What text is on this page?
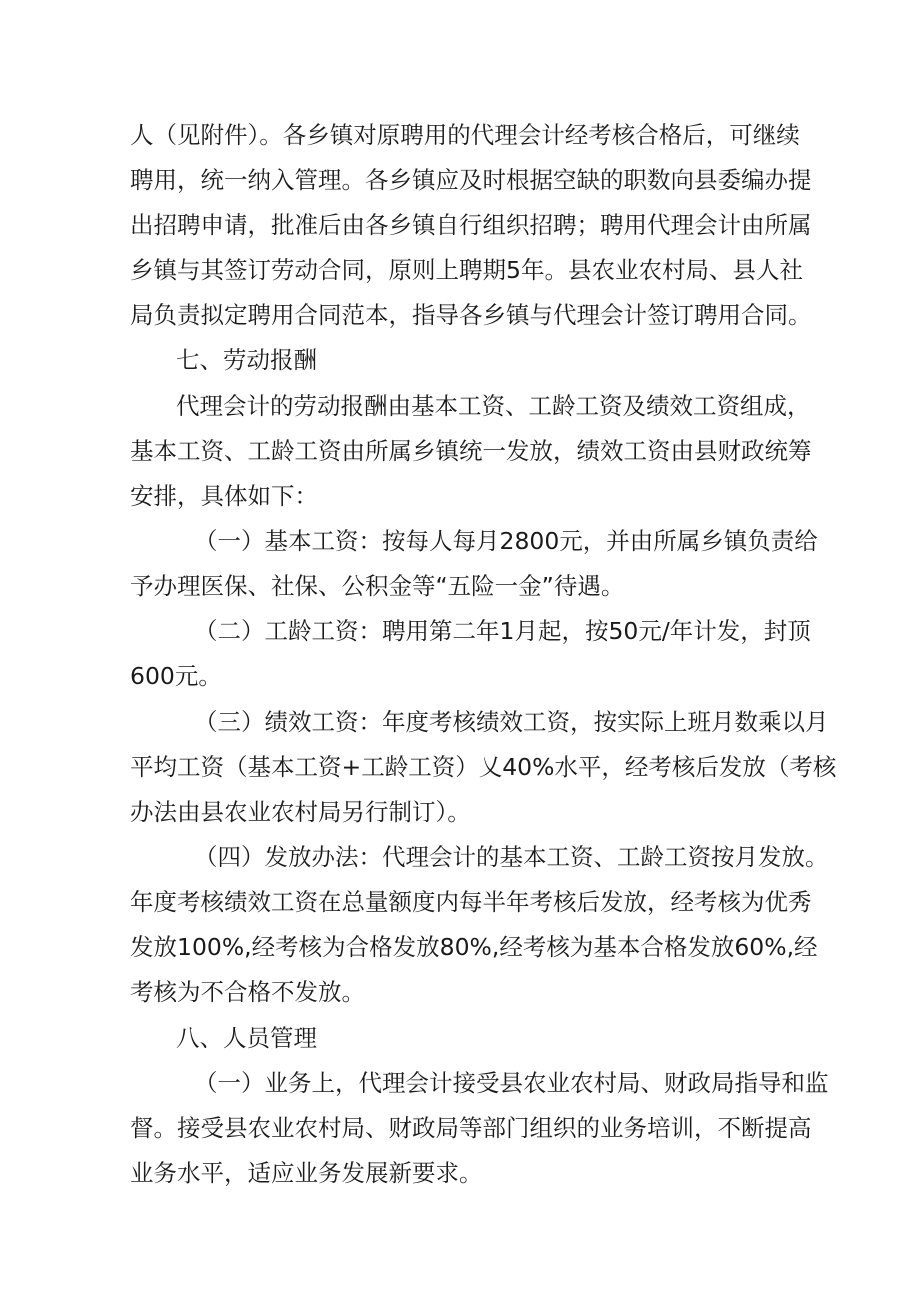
人（见附件）。各乡镇对原聘用的代理会计经考核合格后，可继续
聘用，统一纳入管理。各乡镇应及时根据空缺的职数向县委编办提
出招聘申请，批准后由各乡镇自行组织招聘；聘用代理会计由所属
乡镇与其签订劳动合同，原则上聘期5年。县农业农村局、县人社
局负责拟定聘用合同范本，指导各乡镇与代理会计签订聘用合同。
七、劳动报酬
代理会计的劳动报酬由基本工资、工龄工资及绩效工资组成，
基本工资、工龄工资由所属乡镇统一发放，绩效工资由县财政统筹
安排，具体如下：
（一）基本工资：按每人每月2800元，并由所属乡镇负责给
予办理医保、社保、公积金等“五险一金”待遇。
（二）工龄工资：聘用第二年1月起，按50元/年计发，封顶
600元。
（三）绩效工资：年度考核绩效工资，按实际上班月数乘以月
平均工资（基本工资+工龄工资）乂40%水平，经考核后发放（考核
办法由县农业农村局另行制订）。
（四）发放办法：代理会计的基本工资、工龄工资按月发放。
年度考核绩效工资在总量额度内每半年考核后发放，经考核为优秀
发放100%,经考核为合格发放80%,经考核为基本合格发放60%,经
考核为不合格不发放。
八、人员管理
（一）业务上，代理会计接受县农业农村局、财政局指导和监
督。接受县农业农村局、财政局等部门组织的业务培训，不断提高
业务水平，适应业务发展新要求。
